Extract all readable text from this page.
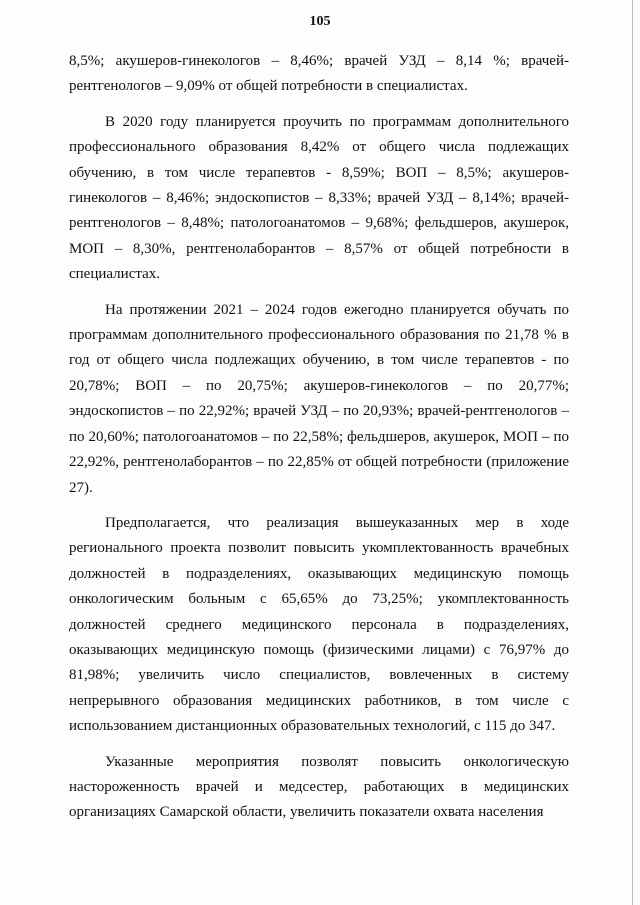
105

8,5%; акушеров-гинекологов – 8,46%; врачей УЗД – 8,14 %; врачей-рентгенологов – 9,09% от общей потребности в специалистах.

В 2020 году планируется проучить по программам дополнительного профессионального образования 8,42% от общего числа подлежащих обучению, в том числе терапевтов - 8,59%; ВОП – 8,5%; акушеров-гинекологов – 8,46%; эндоскопистов – 8,33%; врачей УЗД – 8,14%; врачей-рентгенологов – 8,48%; патологоанатомов – 9,68%; фельдшеров, акушерок, МОП – 8,30%, рентгенолаборантов – 8,57% от общей потребности в специалистах.

На протяжении 2021 – 2024 годов ежегодно планируется обучать по программам дополнительного профессионального образования по 21,78 % в год от общего числа подлежащих обучению, в том числе терапевтов - по 20,78%; ВОП – по 20,75%; акушеров-гинекологов – по 20,77%; эндоскопистов – по 22,92%; врачей УЗД – по 20,93%; врачей-рентгенологов – по 20,60%; патологоанатомов – по 22,58%; фельдшеров, акушерок, МОП – по 22,92%, рентгенолаборантов – по 22,85% от общей потребности (приложение 27).

Предполагается, что реализация вышеуказанных мер в ходе регионального проекта позволит повысить укомплектованность врачебных должностей в подразделениях, оказывающих медицинскую помощь онкологическим больным с 65,65% до 73,25%; укомплектованность должностей среднего медицинского персонала в подразделениях, оказывающих медицинскую помощь (физическими лицами) с 76,97% до 81,98%; увеличить число специалистов, вовлеченных в систему непрерывного образования медицинских работников, в том числе с использованием дистанционных образовательных технологий, с 115 до 347.

Указанные мероприятия позволят повысить онкологическую настороженность врачей и медсестер, работающих в медицинских организациях Самарской области, увеличить показатели охвата населения
